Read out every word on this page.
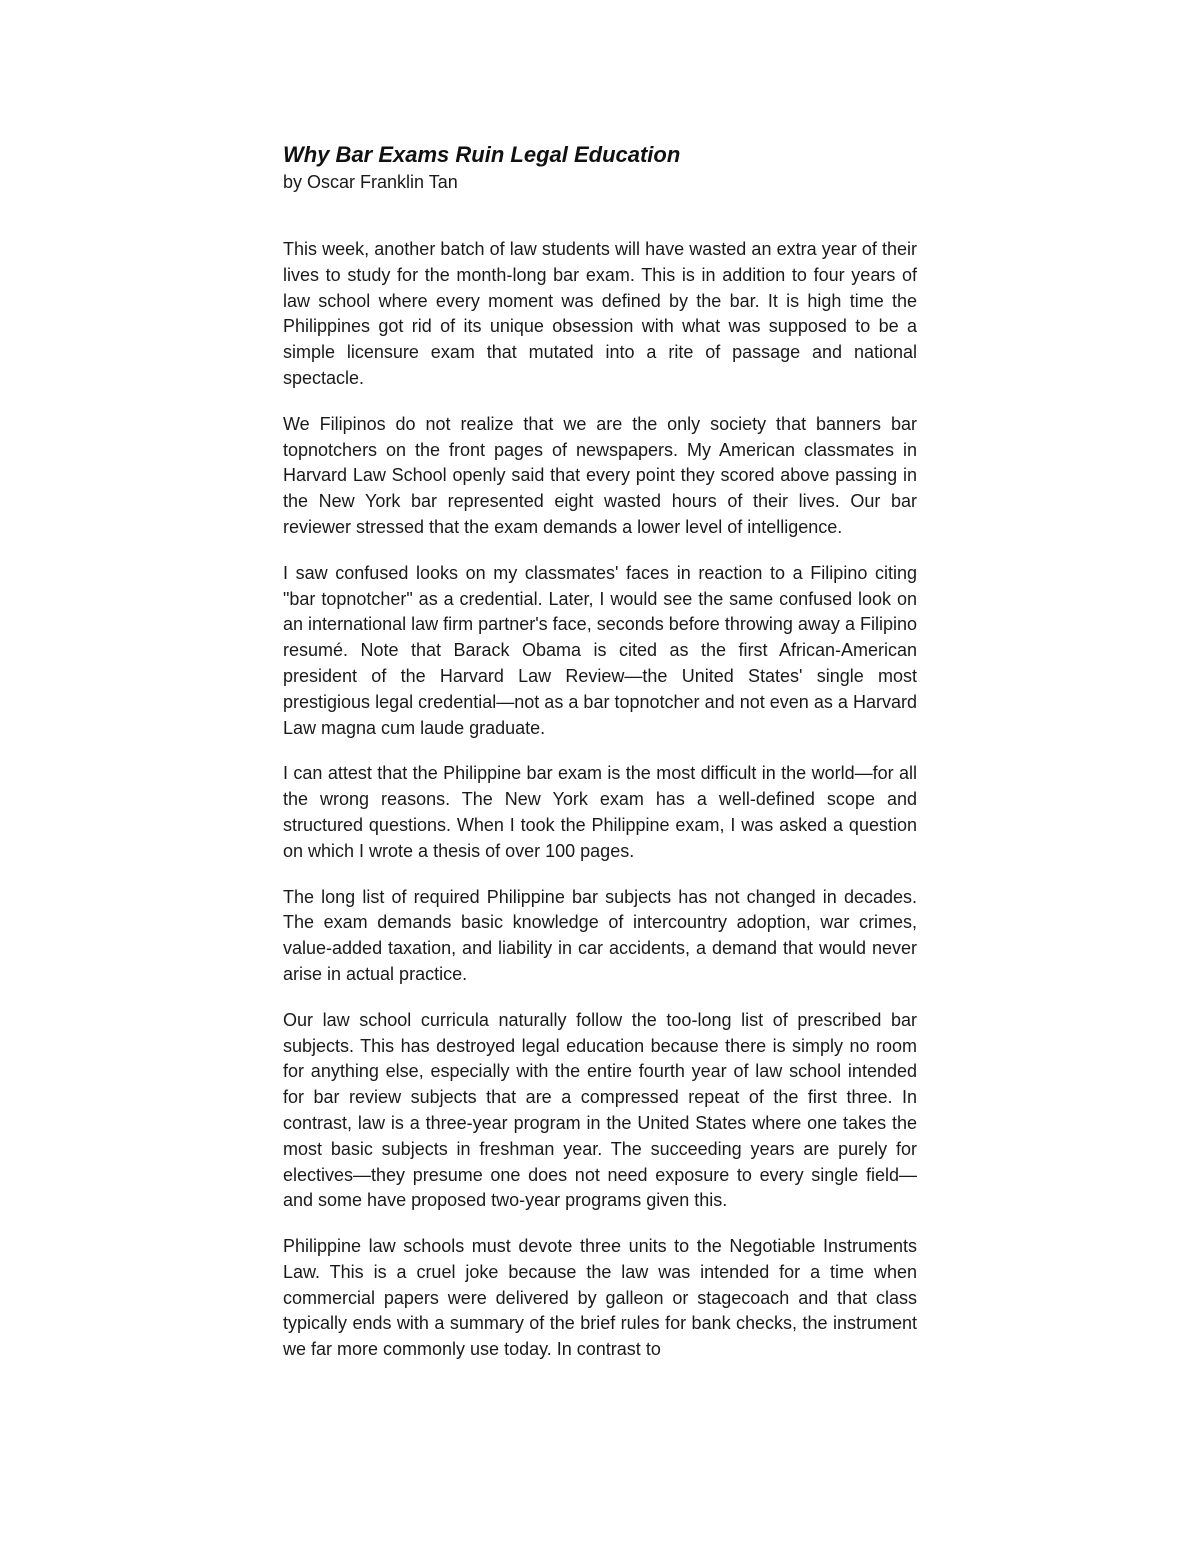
Why Bar Exams Ruin Legal Education

by Oscar Franklin Tan

This week, another batch of law students will have wasted an extra year of their lives to study for the month-long bar exam. This is in addition to four years of law school where every moment was defined by the bar. It is high time the Philippines got rid of its unique obsession with what was supposed to be a simple licensure exam that mutated into a rite of passage and national spectacle.

We Filipinos do not realize that we are the only society that banners bar topnotchers on the front pages of newspapers. My American classmates in Harvard Law School openly said that every point they scored above passing in the New York bar represented eight wasted hours of their lives. Our bar reviewer stressed that the exam demands a lower level of intelligence.

I saw confused looks on my classmates' faces in reaction to a Filipino citing "bar topnotcher" as a credential. Later, I would see the same confused look on an international law firm partner's face, seconds before throwing away a Filipino resumé. Note that Barack Obama is cited as the first African-American president of the Harvard Law Review—the United States' single most prestigious legal credential—not as a bar topnotcher and not even as a Harvard Law magna cum laude graduate.

I can attest that the Philippine bar exam is the most difficult in the world—for all the wrong reasons. The New York exam has a well-defined scope and structured questions. When I took the Philippine exam, I was asked a question on which I wrote a thesis of over 100 pages.

The long list of required Philippine bar subjects has not changed in decades. The exam demands basic knowledge of intercountry adoption, war crimes, value-added taxation, and liability in car accidents, a demand that would never arise in actual practice.

Our law school curricula naturally follow the too-long list of prescribed bar subjects. This has destroyed legal education because there is simply no room for anything else, especially with the entire fourth year of law school intended for bar review subjects that are a compressed repeat of the first three. In contrast, law is a three-year program in the United States where one takes the most basic subjects in freshman year. The succeeding years are purely for electives—they presume one does not need exposure to every single field—and some have proposed two-year programs given this.

Philippine law schools must devote three units to the Negotiable Instruments Law. This is a cruel joke because the law was intended for a time when commercial papers were delivered by galleon or stagecoach and that class typically ends with a summary of the brief rules for bank checks, the instrument we far more commonly use today. In contrast to
